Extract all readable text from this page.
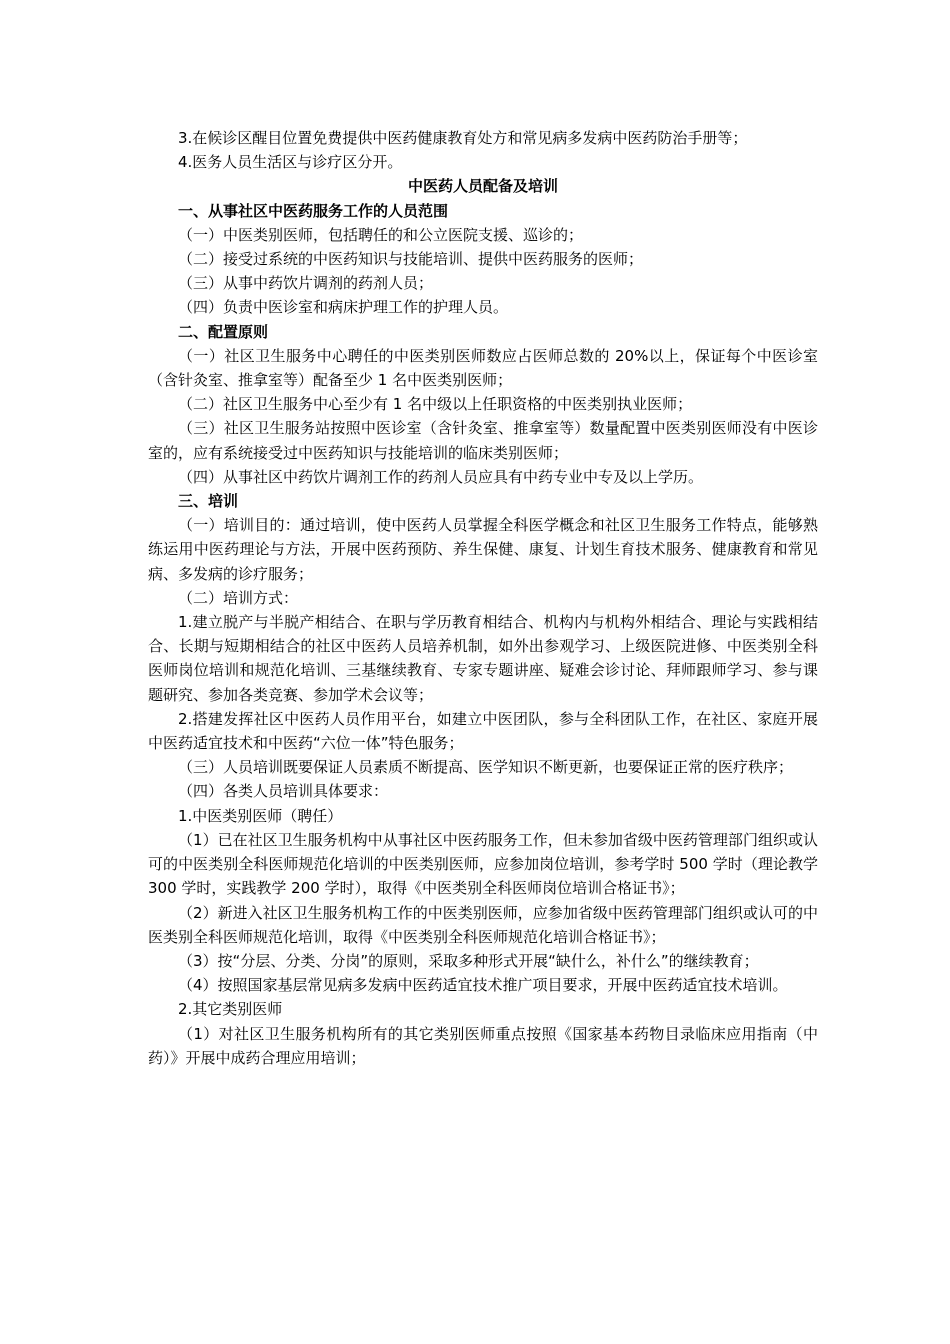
3.在候诊区醒目位置免费提供中医药健康教育处方和常见病多发病中医药防治手册等；

4.医务人员生活区与诊疗区分开。

中医药人员配备及培训

一、从事社区中医药服务工作的人员范围

（一）中医类别医师，包括聘任的和公立医院支援、巡诊的；

（二）接受过系统的中医药知识与技能培训、提供中医药服务的医师；

（三）从事中药饮片调剂的药剂人员；

（四）负责中医诊室和病床护理工作的护理人员。

二、配置原则

（一）社区卫生服务中心聘任的中医类别医师数应占医师总数的 20%以上，保证每个中医诊室（含针灸室、推拿室等）配备至少 1 名中医类别医师；

（二）社区卫生服务中心至少有 1 名中级以上任职资格的中医类别执业医师；

（三）社区卫生服务站按照中医诊室（含针灸室、推拿室等）数量配置中医类别医师没有中医诊室的，应有系统接受过中医药知识与技能培训的临床类别医师；

（四）从事社区中药饮片调剂工作的药剂人员应具有中药专业中专及以上学历。

三、培训

（一）培训目的：通过培训，使中医药人员掌握全科医学概念和社区卫生服务工作特点，能够熟练运用中医药理论与方法，开展中医药预防、养生保健、康复、计划生育技术服务、健康教育和常见病、多发病的诊疗服务；

（二）培训方式：

1.建立脱产与半脱产相结合、在职与学历教育相结合、机构内与机构外相结合、理论与实践相结合、长期与短期相结合的社区中医药人员培养机制，如外出参观学习、上级医院进修、中医类别全科医师岗位培训和规范化培训、三基继续教育、专家专题讲座、疑难会诊讨论、拜师跟师学习、参与课题研究、参加各类竞赛、参加学术会议等；

2.搭建发挥社区中医药人员作用平台，如建立中医团队，参与全科团队工作，在社区、家庭开展中医药适宜技术和中医药“六位一体”特色服务；

（三）人员培训既要保证人员素质不断提高、医学知识不断更新，也要保证正常的医疗秩序；

（四）各类人员培训具体要求：

1.中医类别医师（聘任）

（1）已在社区卫生服务机构中从事社区中医药服务工作，但未参加省级中医药管理部门组织或认可的中医类别全科医师规范化培训的中医类别医师，应参加岗位培训，参考学时 500 学时（理论教学 300 学时，实践教学 200 学时），取得《中医类别全科医师岗位培训合格证书》；

（2）新进入社区卫生服务机构工作的中医类别医师，应参加省级中医药管理部门组织或认可的中医类别全科医师规范化培训，取得《中医类别全科医师规范化培训合格证书》；

（3）按“分层、分类、分岗”的原则，采取多种形式开展“缺什么，补什么”的继续教育；

（4）按照国家基层常见病多发病中医药适宜技术推广项目要求，开展中医药适宜技术培训。

2.其它类别医师

（1）对社区卫生服务机构所有的其它类别医师重点按照《国家基本药物目录临床应用指南（中药）》开展中成药合理应用培训；
